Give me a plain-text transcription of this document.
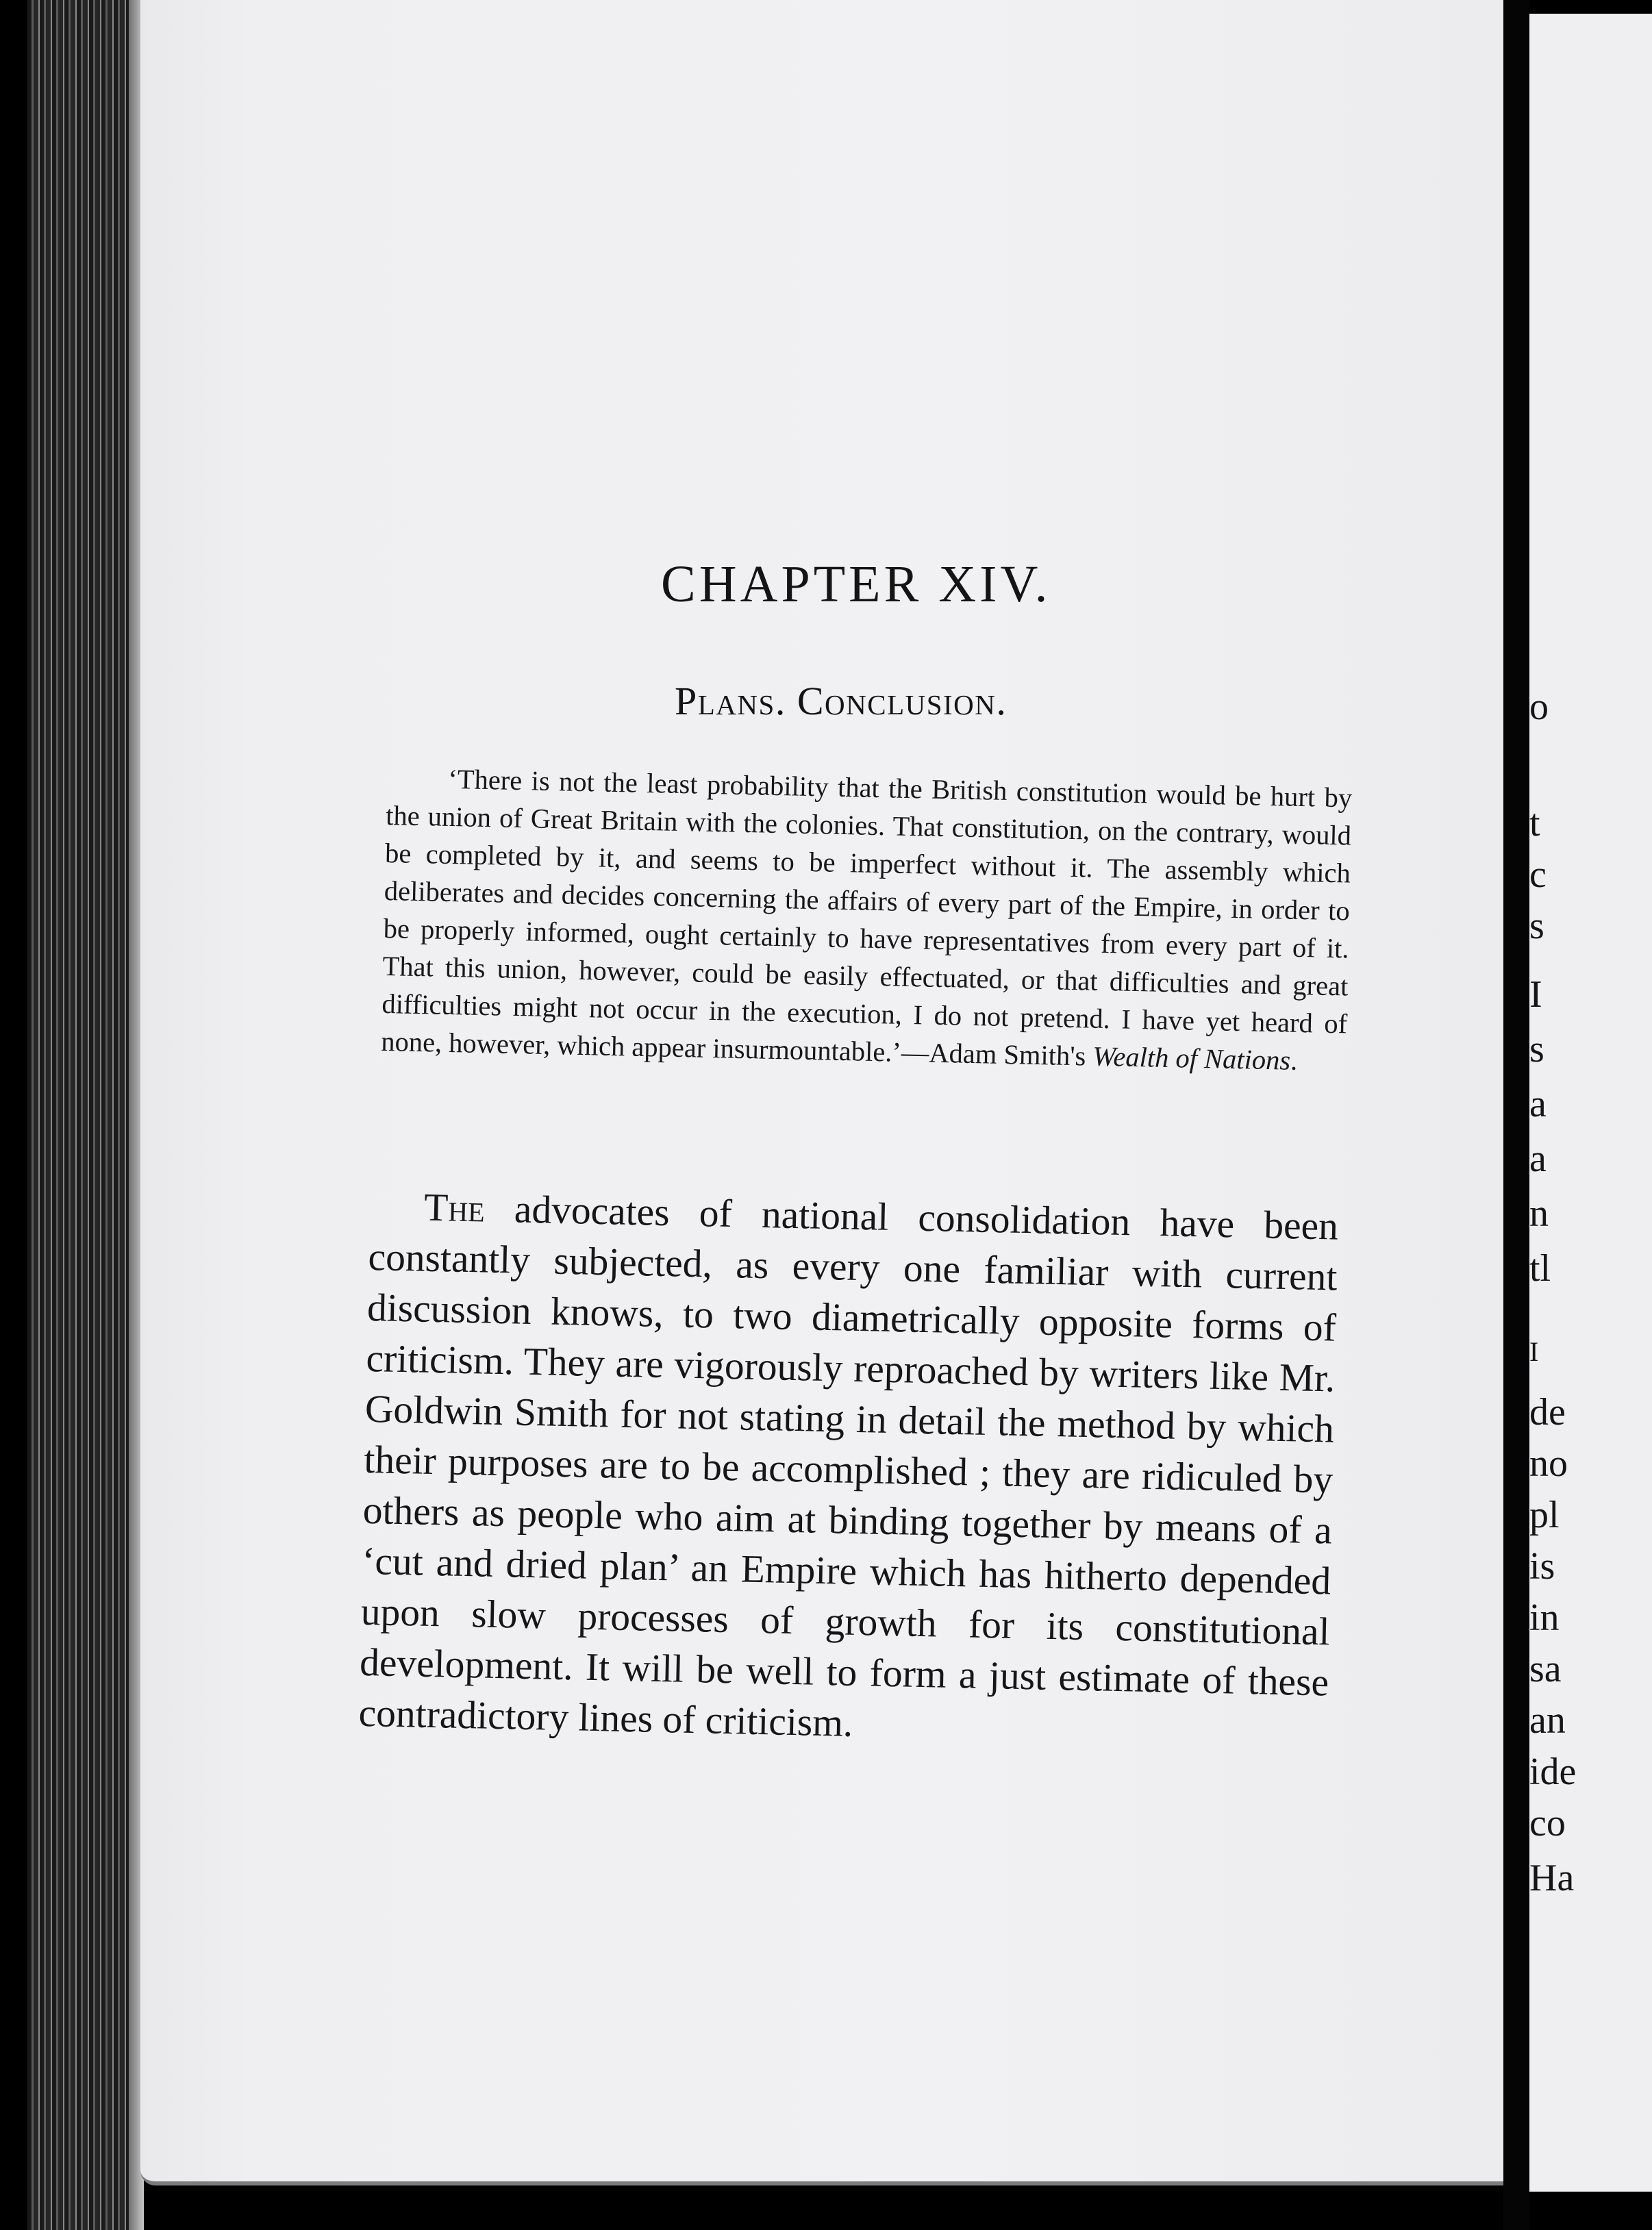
CHAPTER XIV.
Plans. Conclusion.
‘There is not the least probability that the British constitution would be hurt by the union of Great Britain with the colonies. That constitution, on the contrary, would be completed by it, and seems to be imperfect without it. The assembly which deliberates and decides concerning the affairs of every part of the Empire, in order to be properly informed, ought certainly to have representatives from every part of it. That this union, however, could be easily effectuated, or that difficulties and great difficulties might not occur in the execution, I do not pretend. I have yet heard of none, however, which appear insurmountable.’—Adam Smith's Wealth of Nations.
The advocates of national consolidation have been constantly subjected, as every one familiar with current discussion knows, to two diametrically opposite forms of criticism. They are vigorously reproached by writers like Mr. Goldwin Smith for not stating in detail the method by which their purposes are to be accomplished ; they are ridiculed by others as people who aim at binding together by means of a ‘cut and dried plan’ an Empire which has hitherto depended upon slow processes of growth for its constitutional development. It will be well to form a just estimate of these contradictory lines of criticism.
o
t
c
s
I
s
a
a
n
tl
I
de
no
pl
is
in
sa
an
ide
co
Ha
